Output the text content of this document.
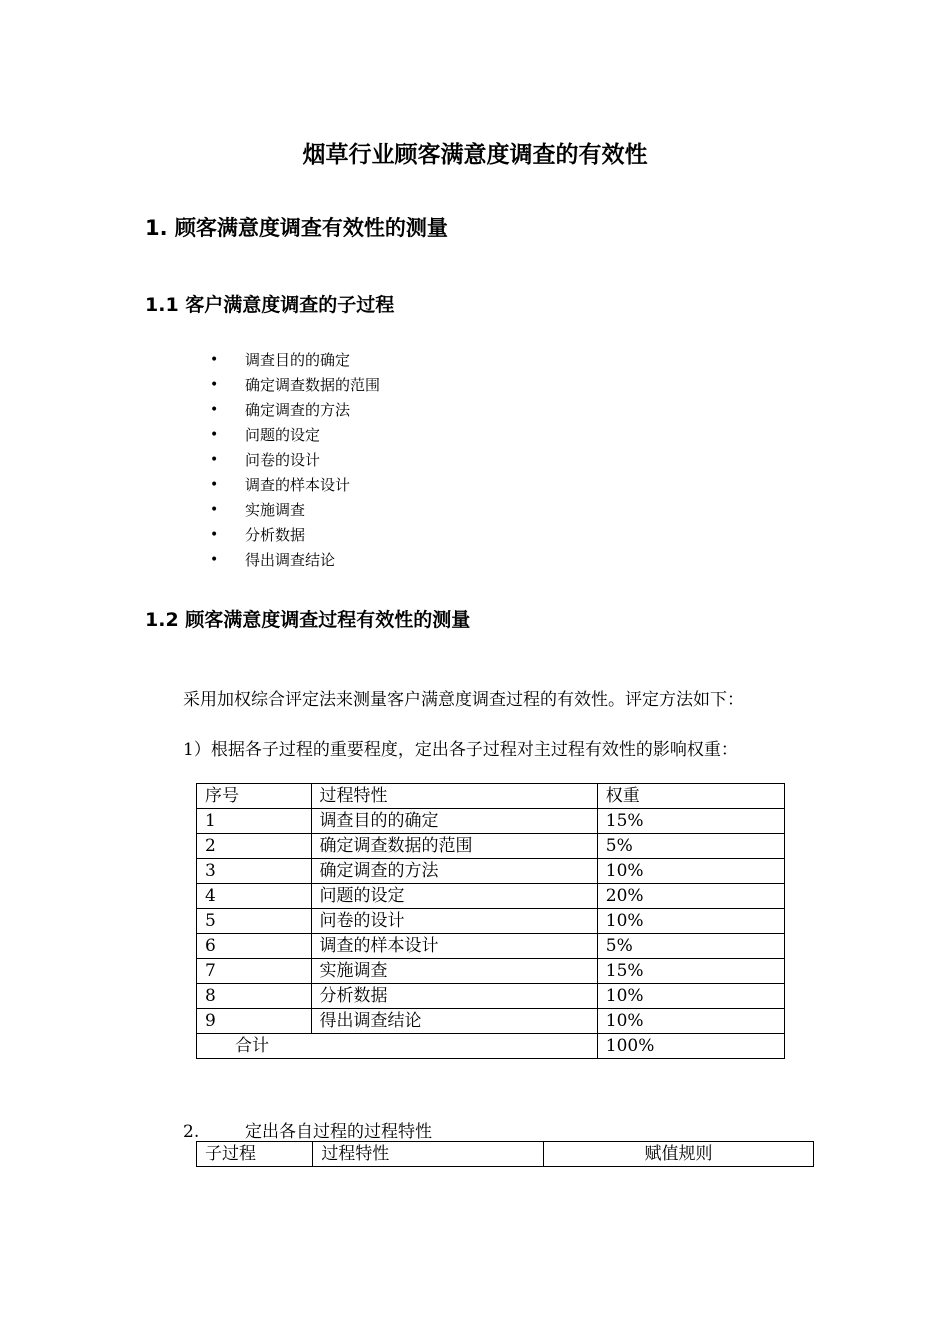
烟草行业顾客满意度调查的有效性
1. 顾客满意度调查有效性的测量
1.1 客户满意度调查的子过程
• 调查目的的确定
• 确定调查数据的范围
• 确定调查的方法
• 问题的设定
• 问卷的设计
• 调查的样本设计
• 实施调查
• 分析数据
• 得出调查结论
1.2 顾客满意度调查过程有效性的测量
采用加权综合评定法来测量客户满意度调查过程的有效性。评定方法如下：
1）根据各子过程的重要程度，定出各子过程对主过程有效性的影响权重：
序号	过程特性	权重
1	调查目的的确定	15%
2	确定调查数据的范围	5%
3	确定调查的方法	10%
4	问题的设定	20%
5	问卷的设计	10%
6	调查的样本设计	5%
7	实施调查	15%
8	分析数据	10%
9	得出调查结论	10%
合计		100%
2.	定出各自过程的过程特性
子过程	过程特性	赋值规则
